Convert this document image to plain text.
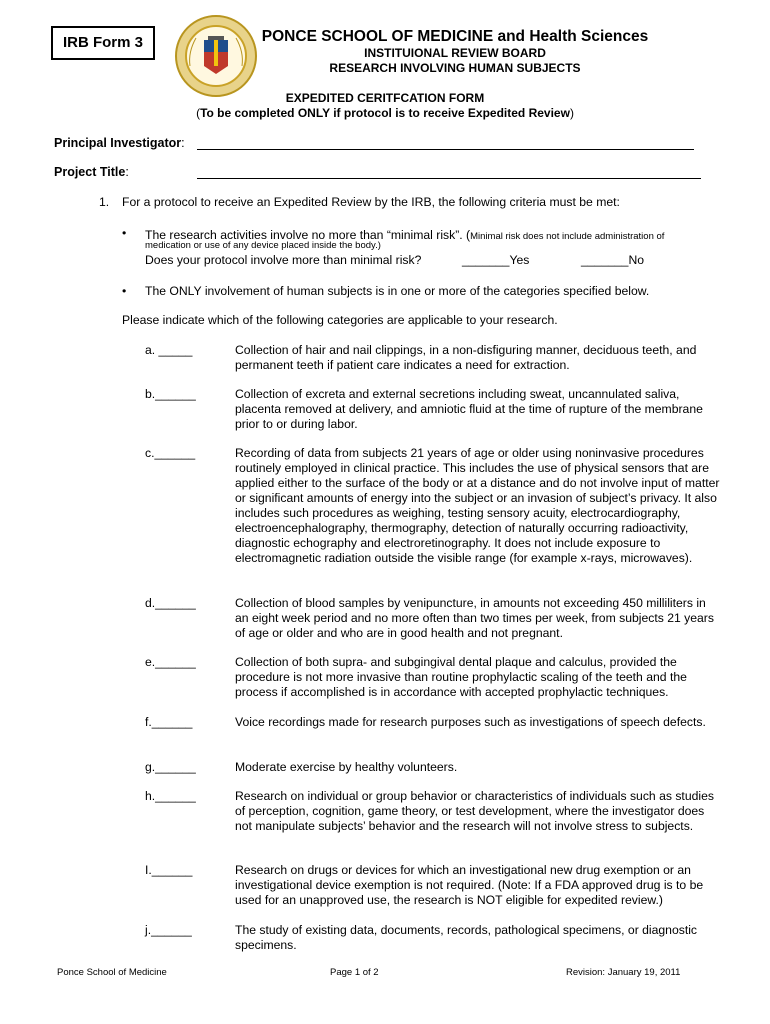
IRB Form 3	PONCE SCHOOL OF MEDICINE and Health Sciences
INSTITUIONAL REVIEW BOARD
RESEARCH INVOLVING HUMAN SUBJECTS
EXPEDITED CERITFCATION FORM
(To be completed ONLY if protocol is to receive Expedited Review)
Principal Investigator:
Project Title:
1. For a protocol to receive an Expedited Review by the IRB, the following criteria must be met:
• The research activities involve no more than “minimal risk”. (Minimal risk does not include administration of
medication or use of any device placed inside the body.)
Does your protocol involve more than minimal risk?	_______Yes	_______No
• The ONLY involvement of human subjects is in one or more of the categories specified below.
Please indicate which of the following categories are applicable to your research.
a. _____	Collection of hair and nail clippings, in a non-disfiguring manner, deciduous teeth, and permanent teeth if patient care indicates a need for extraction.
b.______	Collection of excreta and external secretions including sweat, uncannulated saliva, placenta removed at delivery, and amniotic fluid at the time of rupture of the membrane prior to or during labor.
c.______	Recording of data from subjects 21 years of age or older using noninvasive procedures routinely employed in clinical practice. This includes the use of physical sensors that are applied either to the surface of the body or at a distance and do not involve input of matter or significant amounts of energy into the subject or an invasion of subject’s privacy. It also includes such procedures as weighing, testing sensory acuity, electrocardiography, electroencephalography, thermography, detection of naturally occurring radioactivity, diagnostic echography and electroretinography. It does not include exposure to electromagnetic radiation outside the visible range (for example x-rays, microwaves).
d.______	Collection of blood samples by venipuncture, in amounts not exceeding 450 milliliters in an eight week period and no more often than two times per week, from subjects 21 years of age or older and who are in good health and not pregnant.
e.______	Collection of both supra- and subgingival dental plaque and calculus, provided the procedure is not more invasive than routine prophylactic scaling of the teeth and the process if accomplished is in accordance with accepted prophylactic techniques.
f.______	Voice recordings made for research purposes such as investigations of speech defects.
g.______	Moderate exercise by healthy volunteers.
h.______	Research on individual or group behavior or characteristics of individuals such as studies of perception, cognition, game theory, or test development, where the investigator does not manipulate subjects’ behavior and the research will not involve stress to subjects.
I.______	Research on drugs or devices for which an investigational new drug exemption or an investigational device exemption is not required. (Note: If a FDA approved drug is to be used for an unapproved use, the research is NOT eligible for expedited review.)
j.______	The study of existing data, documents, records, pathological specimens, or diagnostic specimens.
Ponce School of Medicine	Page 1 of 2	Revision: January 19, 2011
